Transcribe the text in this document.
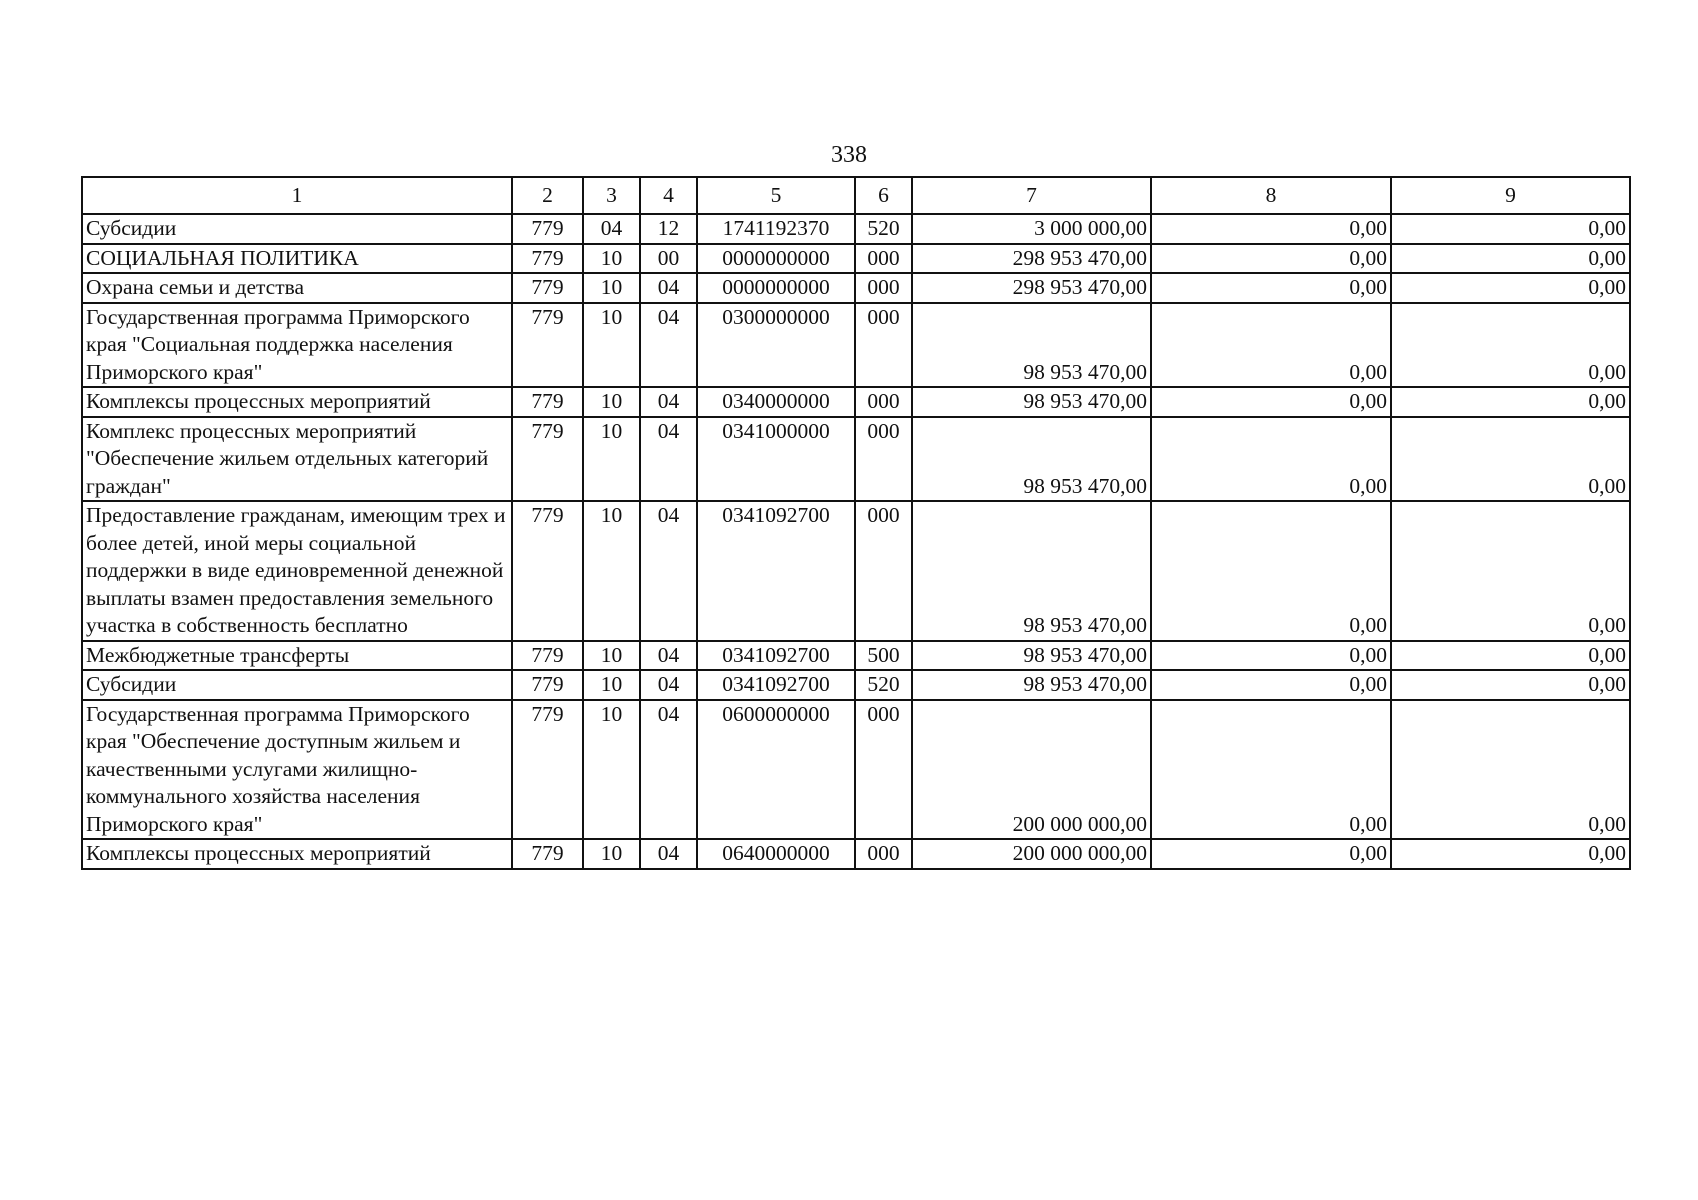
338
1	2	3	4	5	6	7	8	9
Субсидии	779	04	12	1741192370	520	3 000 000,00	0,00	0,00
СОЦИАЛЬНАЯ ПОЛИТИКА	779	10	00	0000000000	000	298 953 470,00	0,00	0,00
Охрана семьи и детства	779	10	04	0000000000	000	298 953 470,00	0,00	0,00
Государственная программа Приморского края "Социальная поддержка населения Приморского края"	779	10	04	0300000000	000	98 953 470,00	0,00	0,00
Комплексы процессных мероприятий	779	10	04	0340000000	000	98 953 470,00	0,00	0,00
Комплекс процессных мероприятий "Обеспечение жильем отдельных категорий граждан"	779	10	04	0341000000	000	98 953 470,00	0,00	0,00
Предоставление гражданам, имеющим трех и более детей, иной меры социальной поддержки в виде единовременной денежной выплаты взамен предоставления земельного участка в собственность бесплатно	779	10	04	0341092700	000	98 953 470,00	0,00	0,00
Межбюджетные трансферты	779	10	04	0341092700	500	98 953 470,00	0,00	0,00
Субсидии	779	10	04	0341092700	520	98 953 470,00	0,00	0,00
Государственная программа Приморского края "Обеспечение доступным жильем и качественными услугами жилищно-коммунального хозяйства населения Приморского края"	779	10	04	0600000000	000	200 000 000,00	0,00	0,00
Комплексы процессных мероприятий	779	10	04	0640000000	000	200 000 000,00	0,00	0,00
